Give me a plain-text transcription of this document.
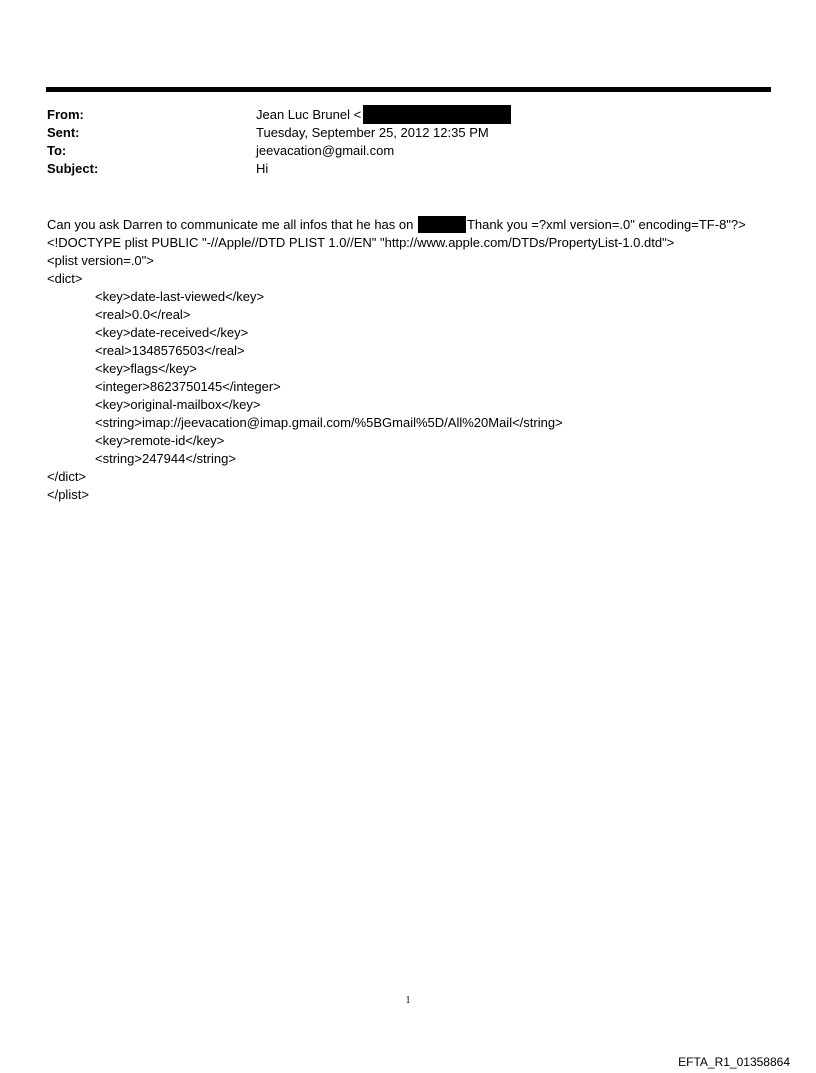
From:	Jean Luc Brunel <
Sent:	Tuesday, September 25, 2012 12:35 PM
To:	jeevacation@gmail.com
Subject:	Hi
Can you ask Darren to communicate me all infos that he has on	Thank you =?xml version=.0" encoding=TF-8"?>
<!DOCTYPE plist PUBLIC "-//Apple//DTD PLIST 1.0//EN" "http://www.apple.com/DTDs/PropertyList-1.0.dtd">
<plist version=.0">
<dict>
<key>date-last-viewed</key>
<real>0.0</real>
<key>date-received</key>
<real>1348576503</real>
<key>flags</key>
<integer>8623750145</integer>
<key>original-mailbox</key>
<string>imap://jeevacation@imap.gmail.com/%5BGmail%5D/All%20Mail</string>
<key>remote-id</key>
<string>247944</string>
</dict>
</plist>
1
EFTA_R1_01358864
